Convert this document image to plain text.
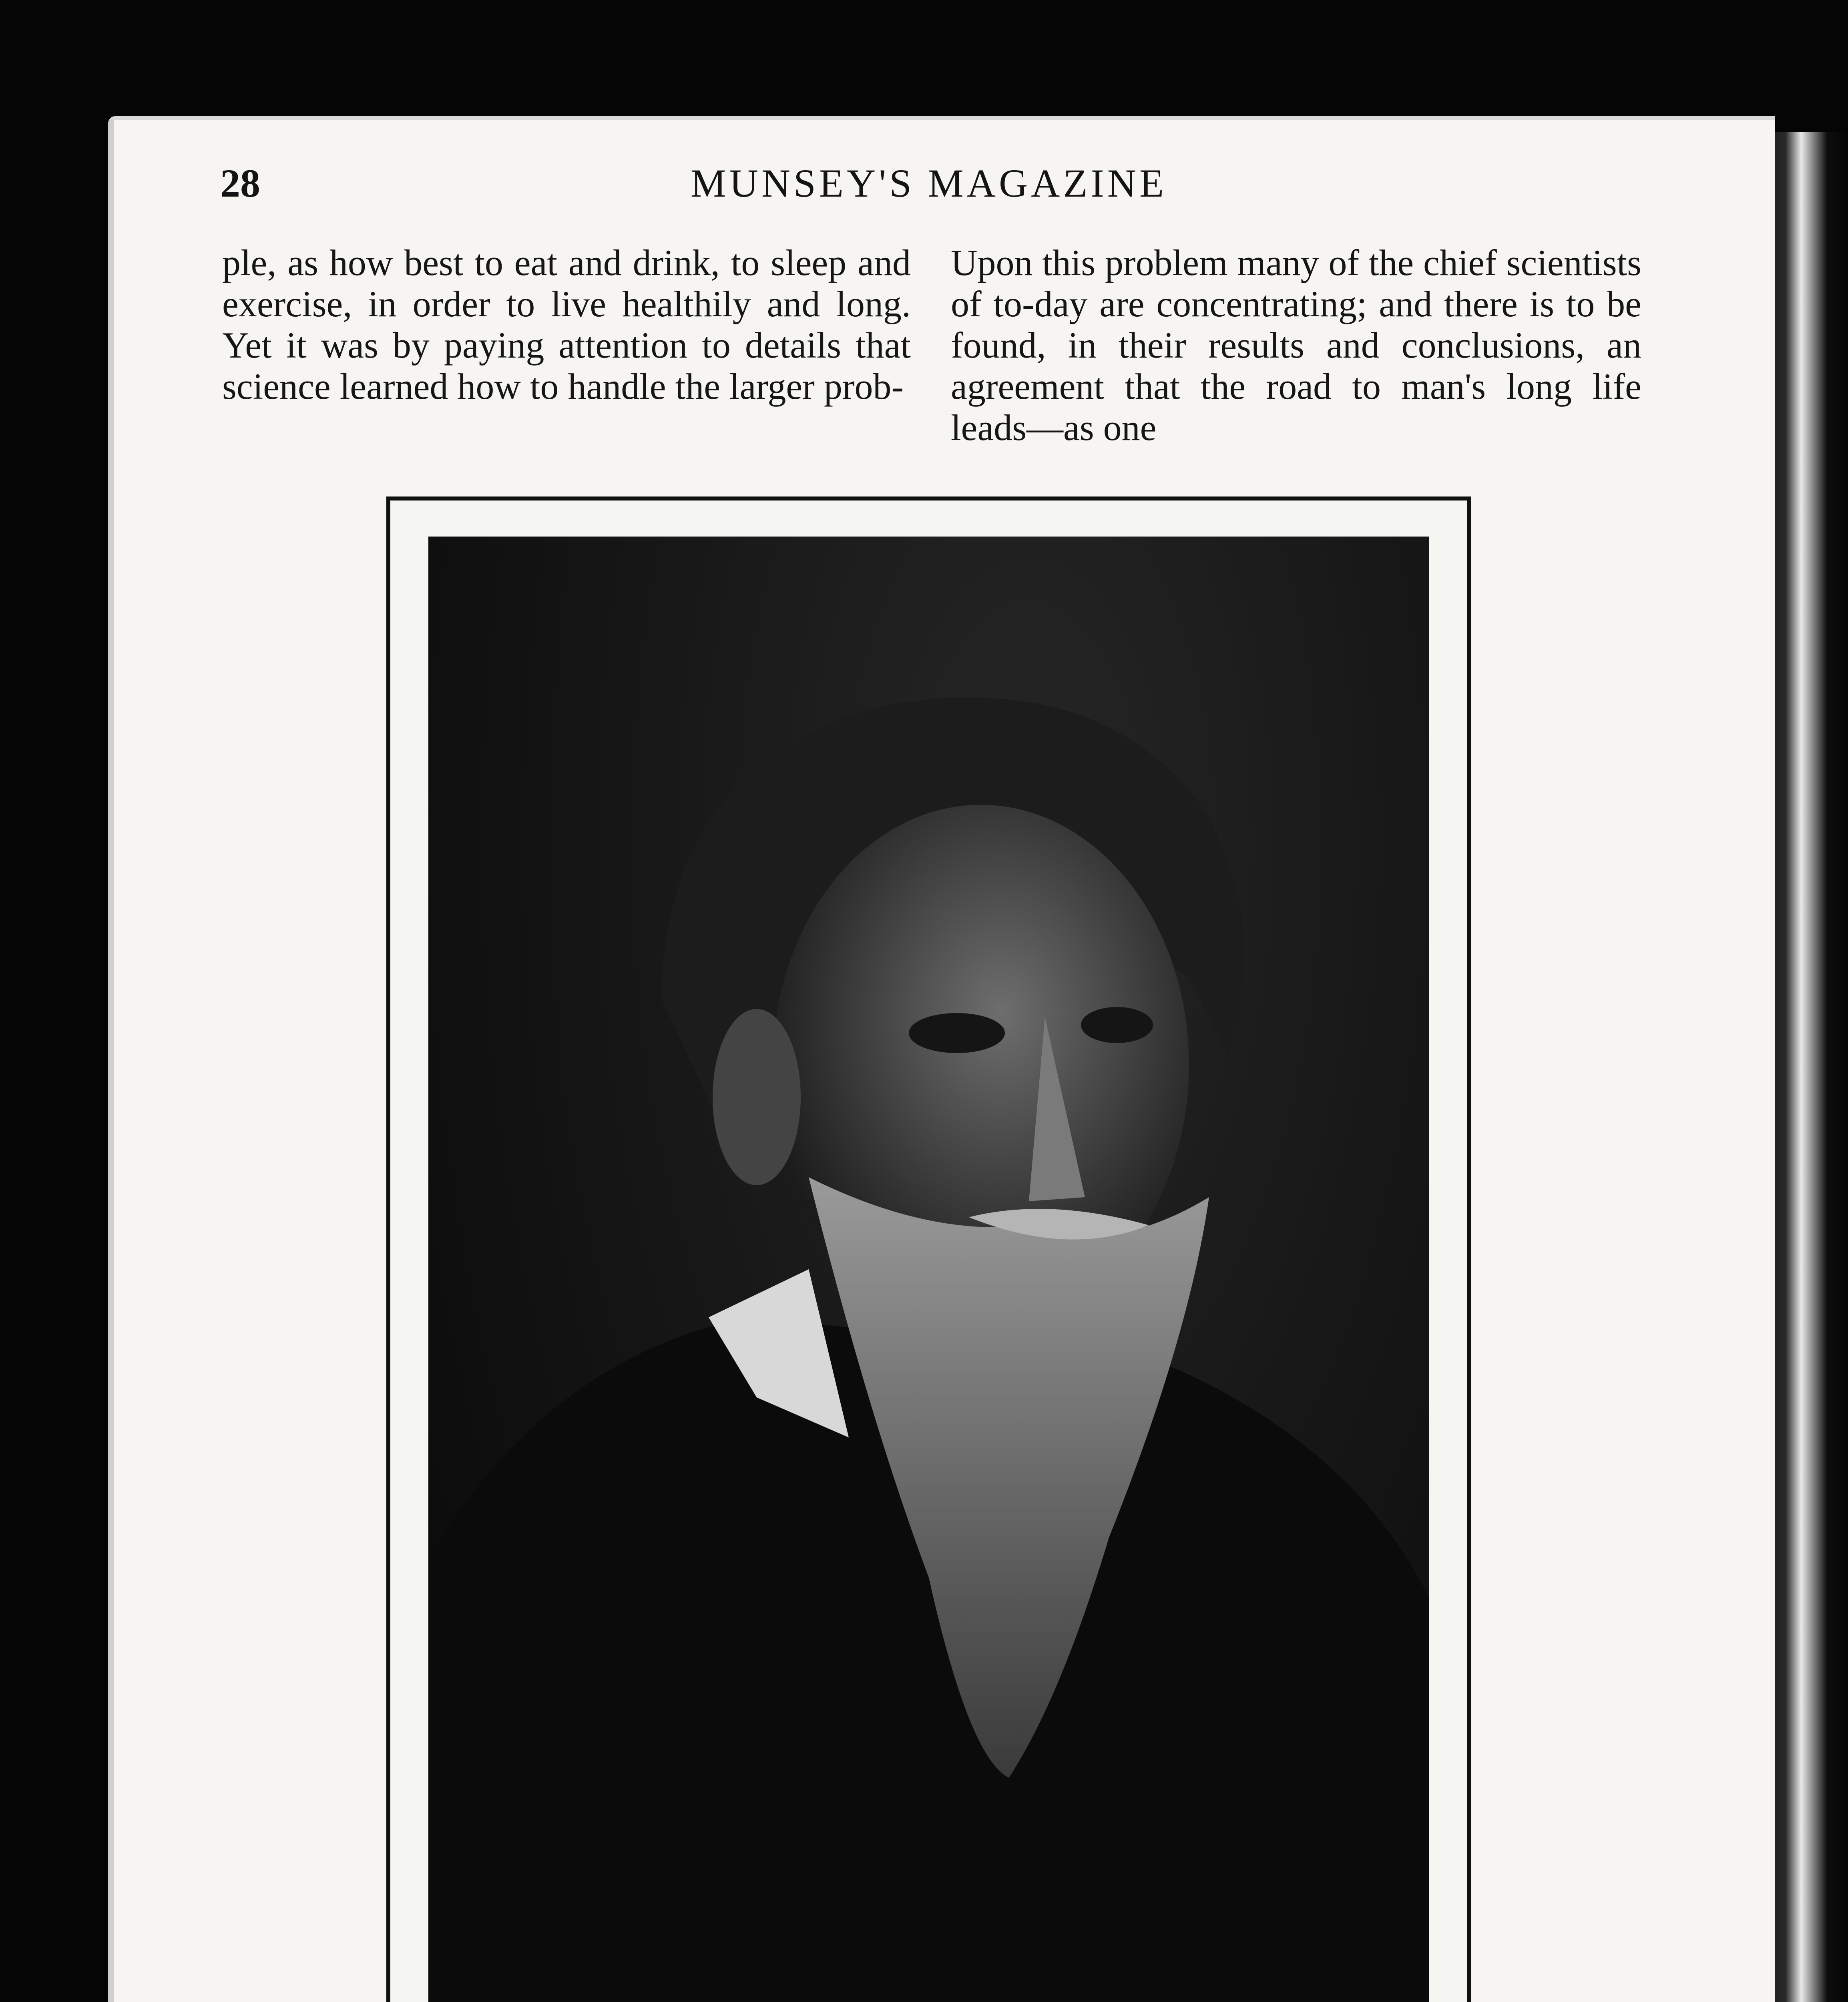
28	MUNSEY'S MAGAZINE

ple, as how best to eat and drink, to sleep and exercise, in order to live healthily and long. Yet it was by paying attention to details that science learned how to handle the larger prob-

Upon this problem many of the chief scientists of to-day are concentrating; and there is to be found, in their results and conclusions, an agreement that the road to man's long life leads—as one
